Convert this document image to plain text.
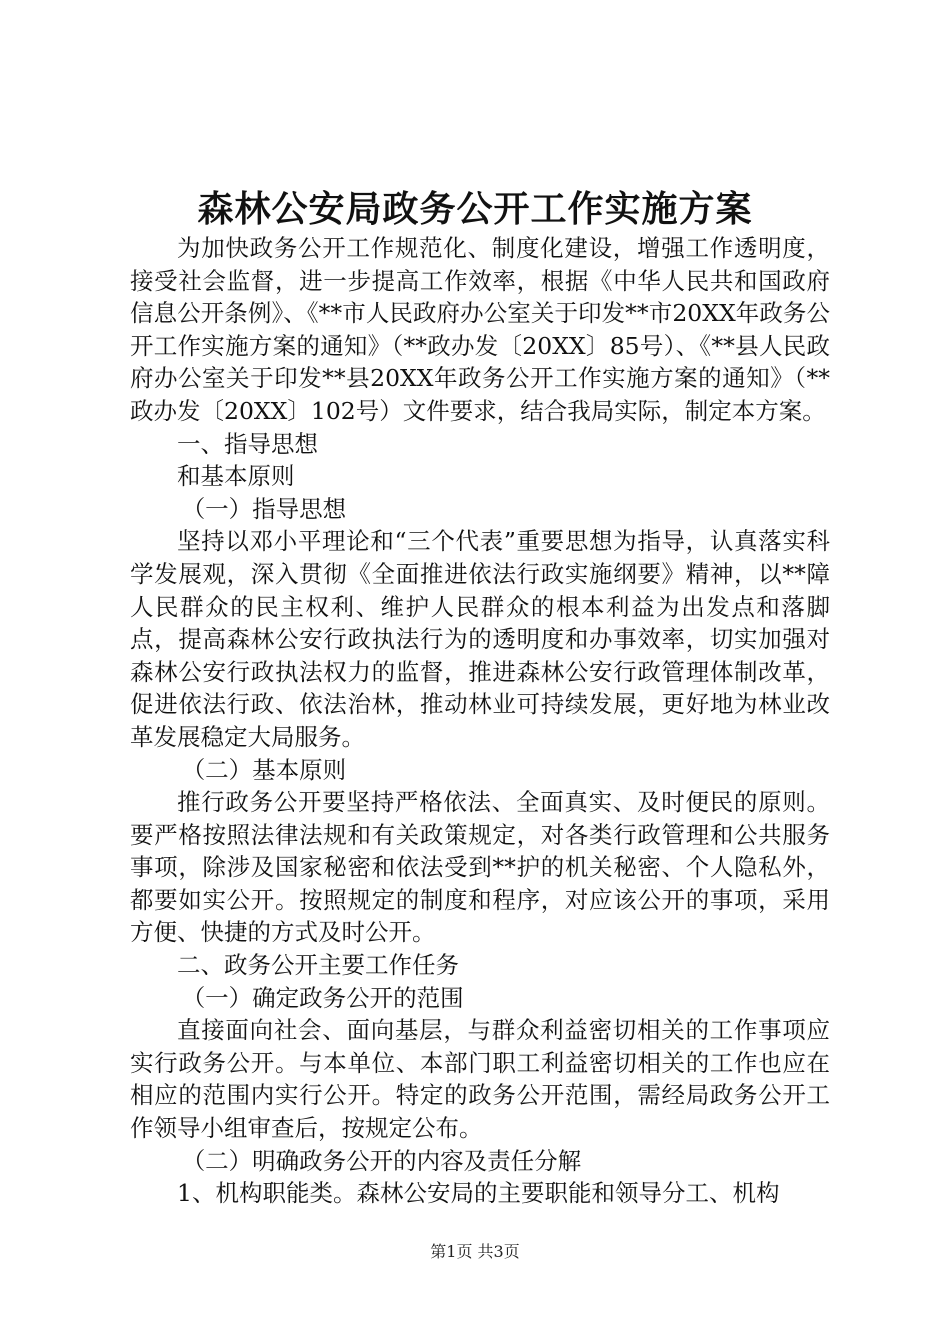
森林公安局政务公开工作实施方案

为加快政务公开工作规范化、制度化建设，增强工作透明度，接受社会监督，进一步提高工作效率，根据《中华人民共和国政府信息公开条例》、《**市人民政府办公室关于印发**市20XX年政务公开工作实施方案的通知》（**政办发〔20XX〕85号）、《**县人民政府办公室关于印发**县20XX年政务公开工作实施方案的通知》（**政办发〔20XX〕102号）文件要求，结合我局实际，制定本方案。

一、指导思想

和基本原则

（一）指导思想

坚持以邓小平理论和“三个代表”重要思想为指导，认真落实科学发展观，深入贯彻《全面推进依法行政实施纲要》精神，以**障人民群众的民主权利、维护人民群众的根本利益为出发点和落脚点，提高森林公安行政执法行为的透明度和办事效率，切实加强对森林公安行政执法权力的监督，推进森林公安行政管理体制改革，促进依法行政、依法治林，推动林业可持续发展，更好地为林业改革发展稳定大局服务。

（二）基本原则

推行政务公开要坚持严格依法、全面真实、及时便民的原则。要严格按照法律法规和有关政策规定，对各类行政管理和公共服务事项，除涉及国家秘密和依法受到**护的机关秘密、个人隐私外，都要如实公开。按照规定的制度和程序，对应该公开的事项，采用方便、快捷的方式及时公开。

二、政务公开主要工作任务

（一）确定政务公开的范围

直接面向社会、面向基层，与群众利益密切相关的工作事项应实行政务公开。与本单位、本部门职工利益密切相关的工作也应在相应的范围内实行公开。特定的政务公开范围，需经局政务公开工作领导小组审查后，按规定公布。

（二）明确政务公开的内容及责任分解

1、机构职能类。森林公安局的主要职能和领导分工、机构

第1页 共3页
